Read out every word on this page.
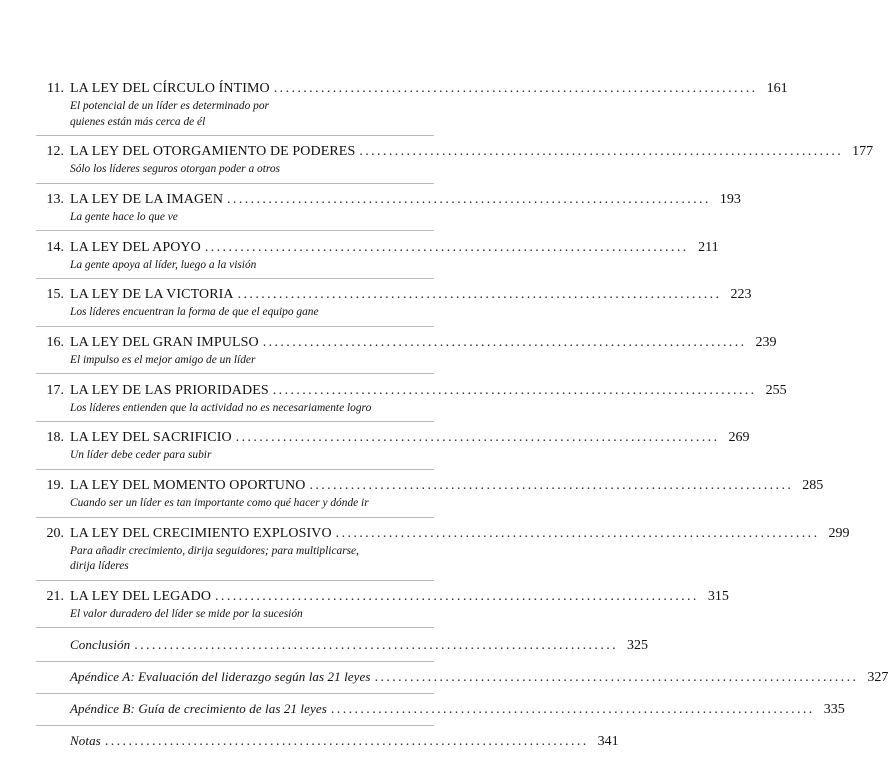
11. LA LEY DEL CÍRCULO ÍNTIMO .................................................................................. 161
El potencial de un líder es determinado por
quienes están más cerca de él
12. LA LEY DEL OTORGAMIENTO DE PODERES .................................................................................. 177
Sólo los líderes seguros otorgan poder a otros
13. LA LEY DE LA IMAGEN .................................................................................. 193
La gente hace lo que ve
14. LA LEY DEL APOYO .................................................................................. 211
La gente apoya al líder, luego a la visión
15. LA LEY DE LA VICTORIA .................................................................................. 223
Los líderes encuentran la forma de que el equipo gane
16. LA LEY DEL GRAN IMPULSO .................................................................................. 239
El impulso es el mejor amigo de un líder
17. LA LEY DE LAS PRIORIDADES .................................................................................. 255
Los líderes entienden que la actividad no es necesariamente logro
18. LA LEY DEL SACRIFICIO .................................................................................. 269
Un líder debe ceder para subir
19. LA LEY DEL MOMENTO OPORTUNO .................................................................................. 285
Cuando ser un líder es tan importante como qué hacer y dónde ir
20. LA LEY DEL CRECIMIENTO EXPLOSIVO .................................................................................. 299
Para añadir crecimiento, dirija seguidores; para multiplicarse,
dirija líderes
21. LA LEY DEL LEGADO .................................................................................. 315
El valor duradero del líder se mide por la sucesión
Conclusión .................................................................................. 325
Apéndice A: Evaluación del liderazgo según las 21 leyes .................................................................................. 327
Apéndice B: Guía de crecimiento de las 21 leyes .................................................................................. 335
Notas .................................................................................. 341
